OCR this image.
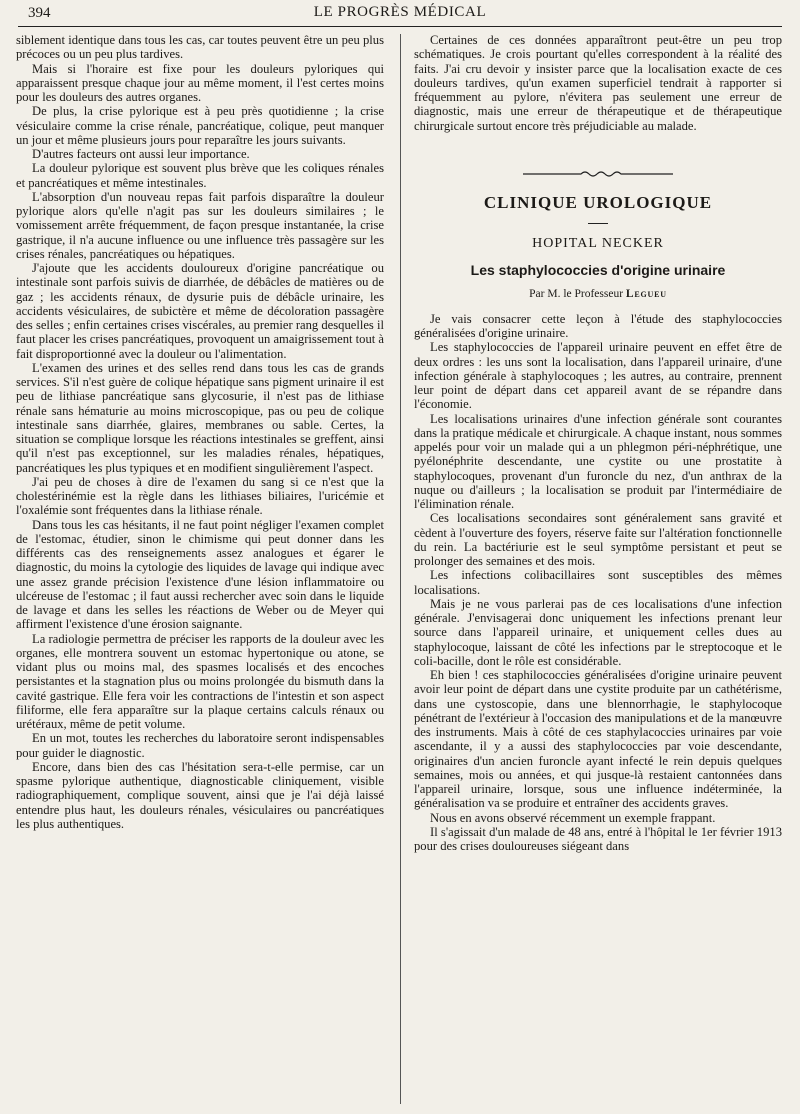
394	LE PROGRÈS MÉDICAL

siblement identique dans tous les cas, car toutes peuvent être un peu plus précoces ou un peu plus tardives.

Mais si l'horaire est fixe pour les douleurs pyloriques qui apparaissent presque chaque jour au même moment, il l'est certes moins pour les douleurs des autres organes.

De plus, la crise pylorique est à peu près quotidienne ; la crise vésiculaire comme la crise rénale, pancréatique, colique, peut manquer un jour et même plusieurs jours pour reparaître les jours suivants.

D'autres facteurs ont aussi leur importance.

La douleur pylorique est souvent plus brève que les coliques rénales et pancréatiques et même intestinales.

L'absorption d'un nouveau repas fait parfois disparaître la douleur pylorique alors qu'elle n'agit pas sur les douleurs similaires ; le vomissement arrête fréquemment, de façon presque instantanée, la crise gastrique, il n'a aucune influence ou une influence très passagère sur les crises rénales, pancréatiques ou hépatiques.

J'ajoute que les accidents douloureux d'origine pancréatique ou intestinale sont parfois suivis de diarrhée, de débâcles de matières ou de gaz ; les accidents rénaux, de dysurie puis de débâcle urinaire, les accidents vésiculaires, de subictère et même de décoloration passagère des selles ; enfin certaines crises viscérales, au premier rang desquelles il faut placer les crises pancréatiques, provoquent un amaigrissement tout à fait disproportionné avec la douleur ou l'alimentation.

L'examen des urines et des selles rend dans tous les cas de grands services. S'il n'est guère de colique hépatique sans pigment urinaire il est peu de lithiase pancréatique sans glycosurie, il n'est pas de lithiase rénale sans hématurie au moins microscopique, pas ou peu de colique intestinale sans diarrhée, glaires, membranes ou sable. Certes, la situation se complique lorsque les réactions intestinales se greffent, ainsi qu'il n'est pas exceptionnel, sur les maladies rénales, hépatiques, pancréatiques les plus typiques et en modifient singulièrement l'aspect.

J'ai peu de choses à dire de l'examen du sang si ce n'est que la cholestérinémie est la règle dans les lithiases biliaires, l'uricémie et l'oxalémie sont fréquentes dans la lithiase rénale.

Dans tous les cas hésitants, il ne faut point négliger l'examen complet de l'estomac, étudier, sinon le chimisme qui peut donner dans les différents cas des renseignements assez analogues et égarer le diagnostic, du moins la cytologie des liquides de lavage qui indique avec une assez grande précision l'existence d'une lésion inflammatoire ou ulcéreuse de l'estomac ; il faut aussi rechercher avec soin dans le liquide de lavage et dans les selles les réactions de Weber ou de Meyer qui affirment l'existence d'une érosion saignante.

La radiologie permettra de préciser les rapports de la douleur avec les organes, elle montrera souvent un estomac hypertonique ou atone, se vidant plus ou moins mal, des spasmes localisés et des encoches persistantes et la stagnation plus ou moins prolongée du bismuth dans la cavité gastrique. Elle fera voir les contractions de l'intestin et son aspect filiforme, elle fera apparaître sur la plaque certains calculs rénaux ou urétéraux, même de petit volume.

En un mot, toutes les recherches du laboratoire seront indispensables pour guider le diagnostic.

Encore, dans bien des cas l'hésitation sera-t-elle permise, car un spasme pylorique authentique, diagnosticable cliniquement, visible radiographiquement, complique souvent, ainsi que je l'ai déjà laissé entendre plus haut, les douleurs rénales, vésiculaires ou pancréatiques les plus authentiques.

Certaines de ces données apparaîtront peut-être un peu trop schématiques. Je crois pourtant qu'elles correspondent à la réalité des faits. J'ai cru devoir y insister parce que la localisation exacte de ces douleurs tardives, qu'un examen superficiel tendrait à rapporter si fréquemment au pylore, n'évitera pas seulement une erreur de diagnostic, mais une erreur de thérapeutique et de thérapeutique chirurgicale surtout encore très préjudiciable au malade.

CLINIQUE UROLOGIQUE
HOPITAL NECKER
Les staphylococcies d'origine urinaire
Par M. le Professeur Legueu

Je vais consacrer cette leçon à l'étude des staphylococcies généralisées d'origine urinaire.

Les staphylococcies de l'appareil urinaire peuvent en effet être de deux ordres : les uns sont la localisation, dans l'appareil urinaire, d'une infection générale à staphylocoques ; les autres, au contraire, prennent leur point de départ dans cet appareil avant de se répandre dans l'économie.

Les localisations urinaires d'une infection générale sont courantes dans la pratique médicale et chirurgicale. A chaque instant, nous sommes appelés pour voir un malade qui a un phlegmon péri-néphrétique, une pyélonéphrite descendante, une cystite ou une prostatite à staphylocoques, provenant d'un furoncle du nez, d'un anthrax de la nuque ou d'ailleurs ; la localisation se produit par l'intermédiaire de l'élimination rénale.

Ces localisations secondaires sont généralement sans gravité et cèdent à l'ouverture des foyers, réserve faite sur l'altération fonctionnelle du rein. La bactériurie est le seul symptôme persistant et peut se prolonger des semaines et des mois.

Les infections colibacillaires sont susceptibles des mêmes localisations.

Mais je ne vous parlerai pas de ces localisations d'une infection générale. J'envisagerai donc uniquement les infections prenant leur source dans l'appareil urinaire, et uniquement celles dues au staphylocoque, laissant de côté les infections par le streptocoque et le coli-bacille, dont le rôle est considérable.

Eh bien ! ces staphilococcies généralisées d'origine urinaire peuvent avoir leur point de départ dans une cystite produite par un cathétérisme, dans une cystoscopie, dans une blennorrhagie, le staphylocoque pénétrant de l'extérieur à l'occasion des manipulations et de la manœuvre des instruments. Mais à côté de ces staphylacoccies urinaires par voie ascendante, il y a aussi des staphylococcies par voie descendante, originaires d'un ancien furoncle ayant infecté le rein depuis quelques semaines, mois ou années, et qui jusque-là restaient cantonnées dans l'appareil urinaire, lorsque, sous une influence indéterminée, la généralisation va se produire et entraîner des accidents graves.

Nous en avons observé récemment un exemple frappant.

Il s'agissait d'un malade de 48 ans, entré à l'hôpital le 1er février 1913 pour des crises douloureuses siégeant dans
